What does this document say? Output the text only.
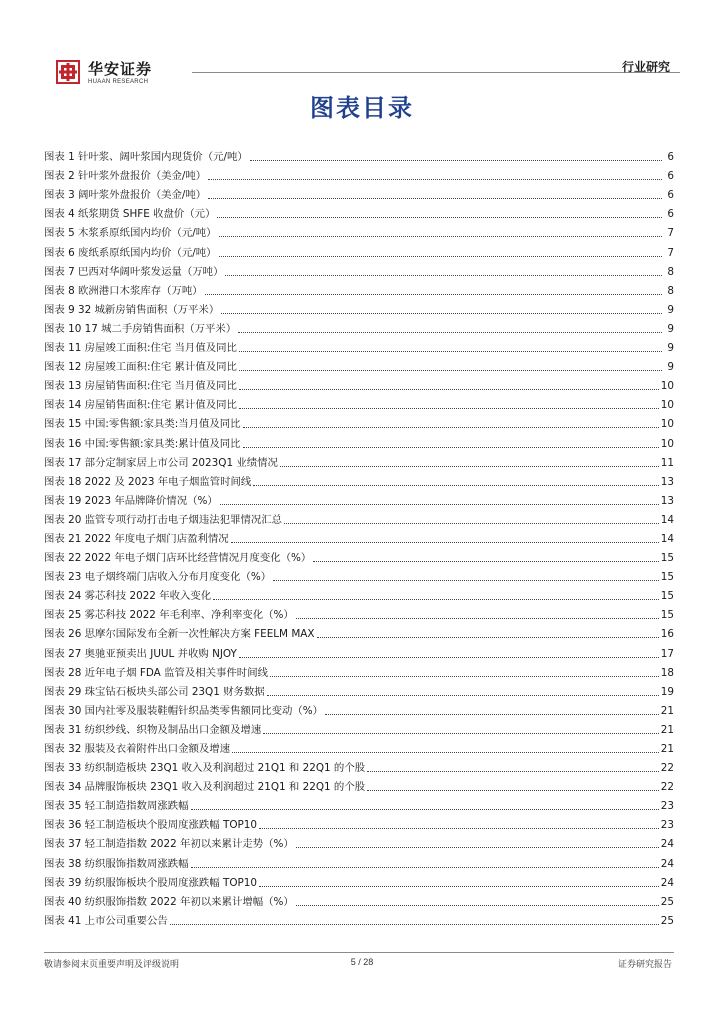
华安证券
HUAAN RESEARCH
行业研究
图表目录
图表 1 针叶浆、阔叶浆国内现货价（元/吨）	6
图表 2 针叶浆外盘报价（美金/吨）	6
图表 3 阔叶浆外盘报价（美金/吨）	6
图表 4 纸浆期货 SHFE 收盘价（元）	6
图表 5 木浆系原纸国内均价（元/吨）	7
图表 6 废纸系原纸国内均价（元/吨）	7
图表 7 巴西对华阔叶浆发运量（万吨）	8
图表 8 欧洲港口木浆库存（万吨）	8
图表 9 32 城新房销售面积（万平米）	9
图表 10 17 城二手房销售面积（万平米）	9
图表 11 房屋竣工面积:住宅 当月值及同比	9
图表 12 房屋竣工面积:住宅 累计值及同比	9
图表 13 房屋销售面积:住宅 当月值及同比	10
图表 14 房屋销售面积:住宅 累计值及同比	10
图表 15 中国:零售额:家具类:当月值及同比	10
图表 16 中国:零售额:家具类:累计值及同比	10
图表 17 部分定制家居上市公司 2023Q1 业绩情况	11
图表 18 2022 及 2023 年电子烟监管时间线	13
图表 19 2023 年品牌降价情况（%）	13
图表 20 监管专项行动打击电子烟违法犯罪情况汇总	14
图表 21 2022 年度电子烟门店盈利情况	14
图表 22 2022 年电子烟门店环比经营情况月度变化（%）	15
图表 23 电子烟终端门店收入分布月度变化（%）	15
图表 24 雾芯科技 2022 年收入变化	15
图表 25 雾芯科技 2022 年毛利率、净利率变化（%）	15
图表 26 思摩尔国际发布全新一次性解决方案 FEELM MAX	16
图表 27 奥驰亚预卖出 JUUL 并收购 NJOY	17
图表 28 近年电子烟 FDA 监管及相关事件时间线	18
图表 29 珠宝钻石板块头部公司 23Q1 财务数据	19
图表 30 国内社零及服装鞋帽针织品类零售额同比变动（%）	21
图表 31 纺织纱线、织物及制品出口金额及增速	21
图表 32 服装及衣着附件出口金额及增速	21
图表 33 纺织制造板块 23Q1 收入及利润超过 21Q1 和 22Q1 的个股	22
图表 34 品牌服饰板块 23Q1 收入及利润超过 21Q1 和 22Q1 的个股	22
图表 35 轻工制造指数周涨跌幅	23
图表 36 轻工制造板块个股周度涨跌幅 TOP10	23
图表 37 轻工制造指数 2022 年初以来累计走势（%）	24
图表 38 纺织服饰指数周涨跌幅	24
图表 39 纺织服饰板块个股周度涨跌幅 TOP10	24
图表 40 纺织服饰指数 2022 年初以来累计增幅（%）	25
图表 41 上市公司重要公告	25
敬请参阅末页重要声明及评级说明	5 / 28	证券研究报告
